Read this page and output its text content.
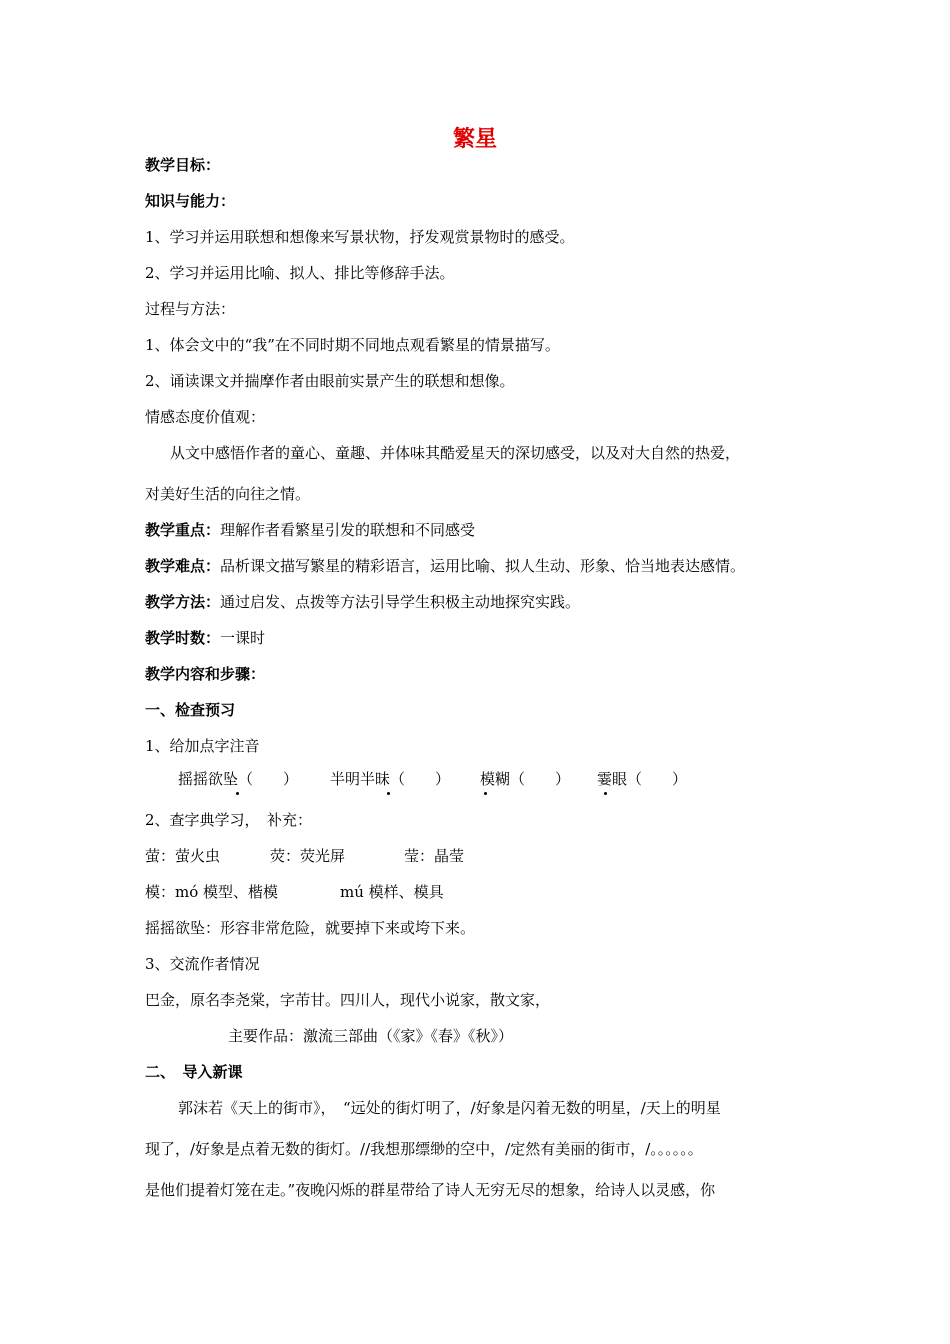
繁星
教学目标：
知识与能力：
1、学习并运用联想和想像来写景状物，抒发观赏景物时的感受。
2、学习并运用比喻、拟人、排比等修辞手法。
过程与方法：
1、体会文中的“我”在不同时期不同地点观看繁星的情景描写。
2、诵读课文并揣摩作者由眼前实景产生的联想和想像。
情感态度价值观：
从文中感悟作者的童心、童趣、并体味其酷爱星天的深切感受，以及对大自然的热爱，
对美好生活的向往之情。
教学重点：理解作者看繁星引发的联想和不同感受
教学难点：品析课文描写繁星的精彩语言，运用比喻、拟人生动、形象、恰当地表达感情。
教学方法：通过启发、点拨等方法引导学生积极主动地探究实践。
教学时数：一课时
教学内容和步骤：
一、检查预习
1、给加点字注音
摇摇欲坠（　　） 半明半昧（　　） 模糊（　　） 霎眼（　　）
2、查字典学习，　补充：
萤：萤火虫	荧：荧光屏	莹：晶莹
模：mó 模型、楷模	mú 模样、模具
摇摇欲坠：形容非常危险，就要掉下来或垮下来。
3、交流作者情况
巴金，原名李尧棠，字芾甘。四川人，现代小说家，散文家，
主要作品：激流三部曲（《家》《春》《秋》）
二、　导入新课
郭沫若《天上的街市》，　“远处的街灯明了，/好象是闪着无数的明星，/天上的明星
现了，/好象是点着无数的街灯。//我想那缥缈的空中，/定然有美丽的街市，/。。。。。。
是他们提着灯笼在走。”夜晚闪烁的群星带给了诗人无穷无尽的想象，给诗人以灵感，你
